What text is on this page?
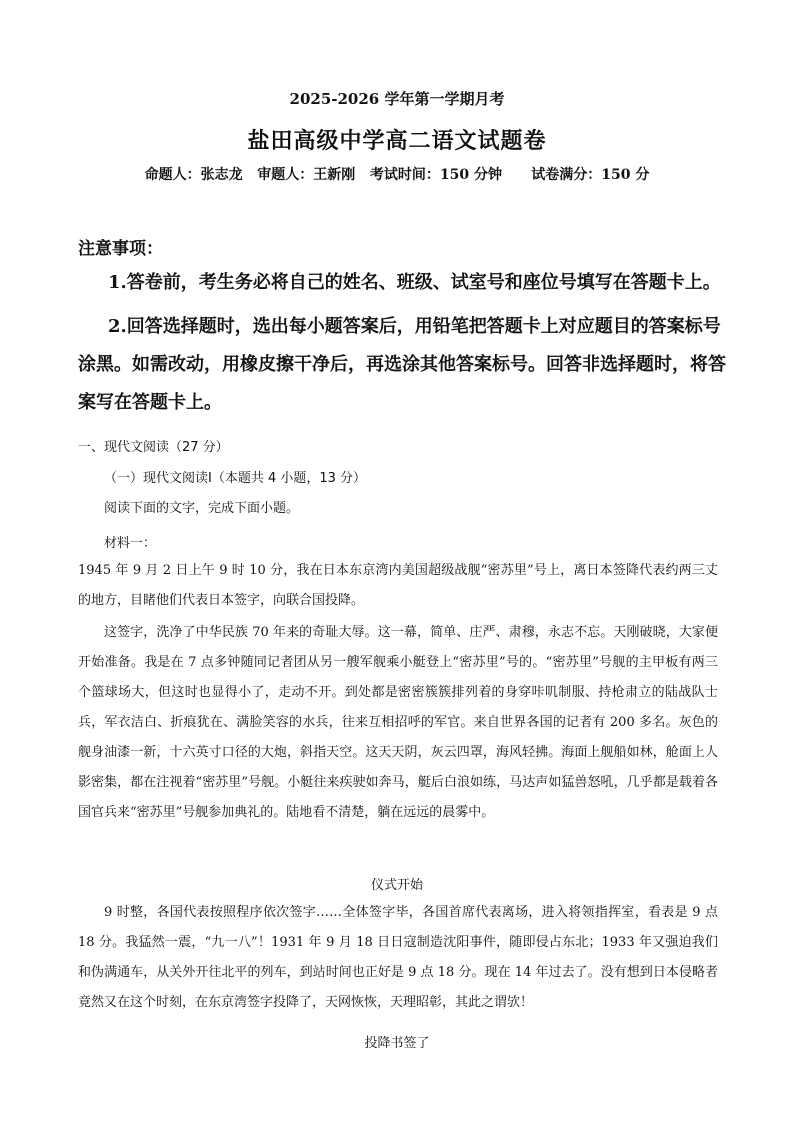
2025-2026 学年第一学期月考
盐田高级中学高二语文试题卷
命题人：张志龙   审题人：王新刚   考试时间：150 分钟      试卷满分：150 分
注意事项：
1.答卷前，考生务必将自己的姓名、班级、试室号和座位号填写在答题卡上。
2.回答选择题时，选出每小题答案后，用铅笔把答题卡上对应题目的答案标号涂黑。如需改动，用橡皮擦干净后，再选涂其他答案标号。回答非选择题时，将答案写在答题卡上。
一、现代文阅读（27 分）
（一）现代文阅读Ⅰ（本题共 4 小题，13 分）
阅读下面的文字，完成下面小题。
材料一：
1945 年 9 月 2 日上午 9 时 10 分，我在日本东京湾内美国超级战舰“密苏里”号上，离日本签降代表约两三丈的地方，目睹他们代表日本签字，向联合国投降。
这签字，洗净了中华民族 70 年来的奇耻大辱。这一幕，简单、庄严、肃穆，永志不忘。天刚破晓，大家便开始准备。我是在 7 点多钟随同记者团从另一艘军舰乘小艇登上“密苏里”号的。“密苏里”号舰的主甲板有两三个篮球场大，但这时也显得小了，走动不开。到处都是密密簇簇排列着的身穿咔叽制服、持枪肃立的陆战队士兵，军衣洁白、折痕犹在、满脸笑容的水兵，往来互相招呼的军官。来自世界各国的记者有 200 多名。灰色的舰身油漆一新，十六英寸口径的大炮，斜指天空。这天天阴，灰云四罩，海风轻拂。海面上舰船如林，舱面上人影密集，都在注视着“密苏里”号舰。小艇往来疾驶如奔马，艇后白浪如练，马达声如猛兽怒吼，几乎都是载着各国官兵来“密苏里”号舰参加典礼的。陆地看不清楚，躺在远远的晨雾中。
仪式开始
9 时整，各国代表按照程序依次签字……全体签字毕，各国首席代表离场，进入将领指挥室，看表是 9 点 18 分。我猛然一震，“九一八”！1931 年 9 月 18 日日寇制造沈阳事件，随即侵占东北；1933 年又强迫我们和伪满通车，从关外开往北平的列车，到站时间也正好是 9 点 18 分。现在 14 年过去了。没有想到日本侵略者竟然又在这个时刻，在东京湾签字投降了，天网恢恢，天理昭彰，其此之谓欤！
投降书签了
